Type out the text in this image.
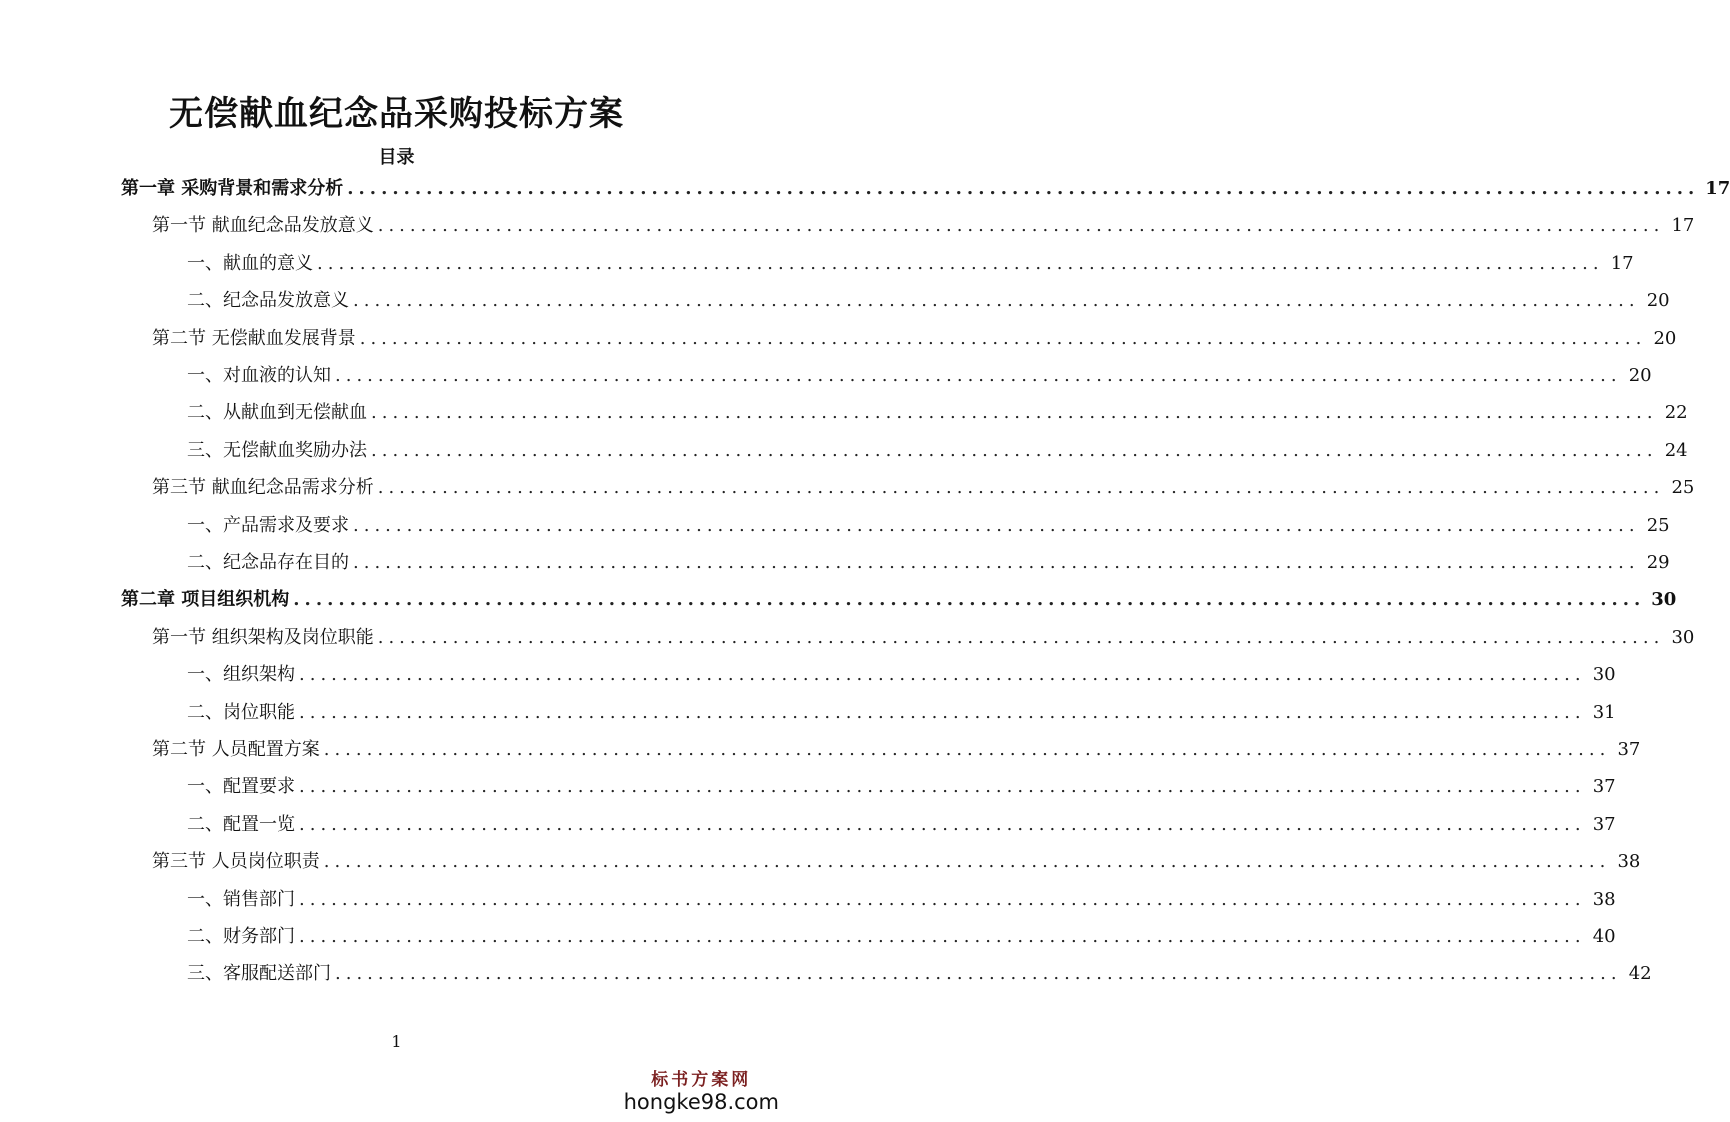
无偿献血纪念品采购投标方案
目录
第一章 采购背景和需求分析 ........................................................................................................................ 17
第一节 献血纪念品发放意义 ........................................................................................................................ 17
一、献血的意义 ........................................................................................................................ 17
二、纪念品发放意义 ........................................................................................................................ 20
第二节 无偿献血发展背景 ........................................................................................................................ 20
一、对血液的认知 ........................................................................................................................ 20
二、从献血到无偿献血 ........................................................................................................................ 22
三、无偿献血奖励办法 ........................................................................................................................ 24
第三节 献血纪念品需求分析 ........................................................................................................................ 25
一、产品需求及要求 ........................................................................................................................ 25
二、纪念品存在目的 ........................................................................................................................ 29
第二章 项目组织机构 ........................................................................................................................ 30
第一节 组织架构及岗位职能 ........................................................................................................................ 30
一、组织架构 ........................................................................................................................ 30
二、岗位职能 ........................................................................................................................ 31
第二节 人员配置方案 ........................................................................................................................ 37
一、配置要求 ........................................................................................................................ 37
二、配置一览 ........................................................................................................................ 37
第三节 人员岗位职责 ........................................................................................................................ 38
一、销售部门 ........................................................................................................................ 38
二、财务部门 ........................................................................................................................ 40
三、客服配送部门 ........................................................................................................................ 42
1
标书方案网
hongke98.com
